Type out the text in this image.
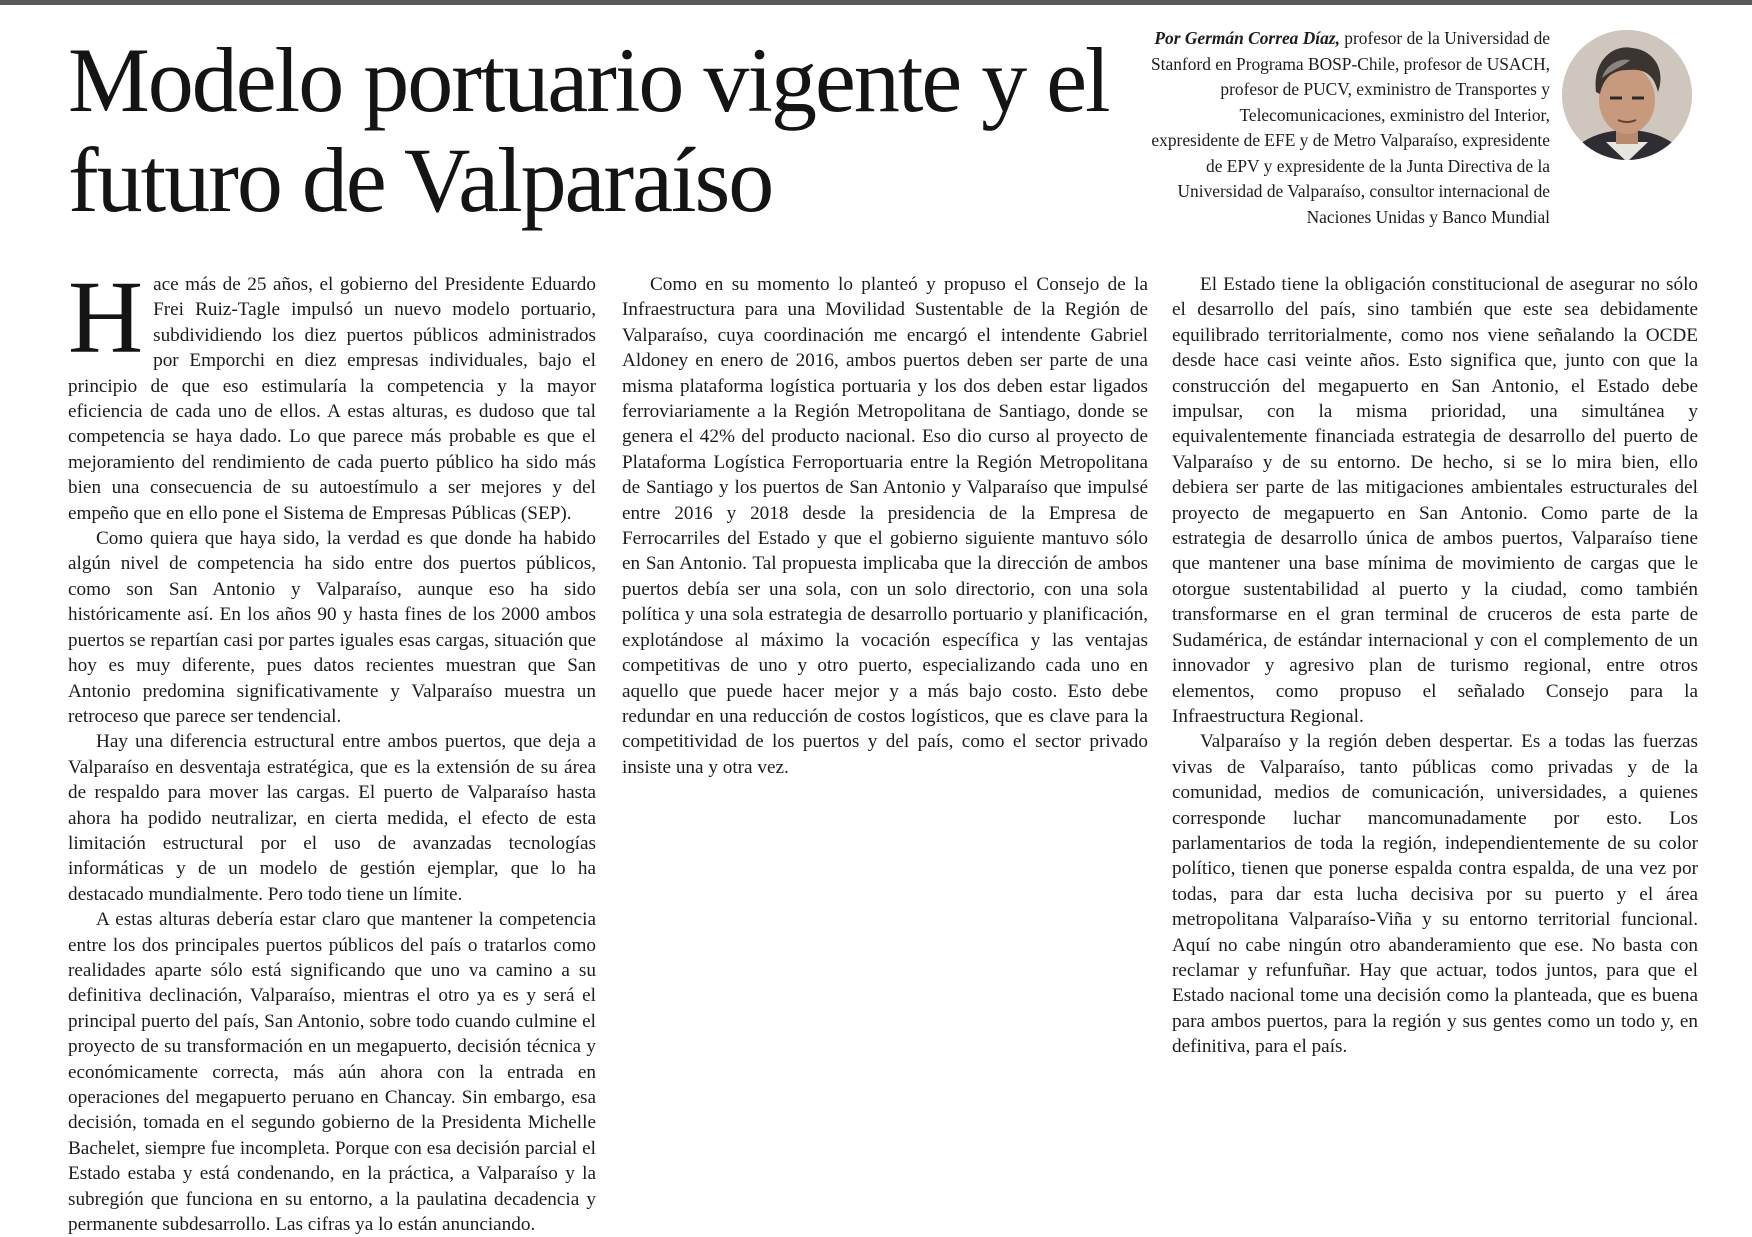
Modelo portuario vigente y el futuro de Valparaíso

Por Germán Correa Díaz, profesor de la Universidad de Stanford en Programa BOSP-Chile, profesor de USACH, profesor de PUCV, exministro de Transportes y Telecomunicaciones, exministro del Interior, expresidente de EFE y de Metro Valparaíso, expresidente de EPV y expresidente de la Junta Directiva de la Universidad de Valparaíso, consultor internacional de Naciones Unidas y Banco Mundial

Hace más de 25 años, el gobierno del Presidente Eduardo Frei Ruiz-Tagle impulsó un nuevo modelo portuario, subdividiendo los diez puertos públicos administrados por Emporchi en diez empresas individuales, bajo el principio de que eso estimularía la competencia y la mayor eficiencia de cada uno de ellos. A estas alturas, es dudoso que tal competencia se haya dado. Lo que parece más probable es que el mejoramiento del rendimiento de cada puerto público ha sido más bien una consecuencia de su autoestímulo a ser mejores y del empeño que en ello pone el Sistema de Empresas Públicas (SEP).

Como quiera que haya sido, la verdad es que donde ha habido algún nivel de competencia ha sido entre dos puertos públicos, como son San Antonio y Valparaíso, aunque eso ha sido históricamente así. En los años 90 y hasta fines de los 2000 ambos puertos se repartían casi por partes iguales esas cargas, situación que hoy es muy diferente, pues datos recientes muestran que San Antonio predomina significativamente y Valparaíso muestra un retroceso que parece ser tendencial.

Hay una diferencia estructural entre ambos puertos, que deja a Valparaíso en desventaja estratégica, que es la extensión de su área de respaldo para mover las cargas. El puerto de Valparaíso hasta ahora ha podido neutralizar, en cierta medida, el efecto de esta limitación estructural por el uso de avanzadas tecnologías informáticas y de un modelo de gestión ejemplar, que lo ha destacado mundialmente. Pero todo tiene un límite.

A estas alturas debería estar claro que mantener la competencia entre los dos principales puertos públicos del país o tratarlos como realidades aparte sólo está significando que uno va camino a su definitiva declinación, Valparaíso, mientras el otro ya es y será el principal puerto del país, San Antonio, sobre todo cuando culmine el proyecto de su transformación en un megapuerto, decisión técnica y económicamente correcta, más aún ahora con la entrada en operaciones del megapuerto peruano en Chancay. Sin embargo, esa decisión, tomada en el segundo gobierno de la Presidenta Michelle Bachelet, siempre fue incompleta. Porque con esa decisión parcial el Estado estaba y está condenando, en la práctica, a Valparaíso y la subregión que funciona en su entorno, a la paulatina decadencia y permanente subdesarrollo. Las cifras ya lo están anunciando.

Como en su momento lo planteó y propuso el Consejo de la Infraestructura para una Movilidad Sustentable de la Región de Valparaíso, cuya coordinación me encargó el intendente Gabriel Aldoney en enero de 2016, ambos puertos deben ser parte de una misma plataforma logística portuaria y los dos deben estar ligados ferroviariamente a la Región Metropolitana de Santiago, donde se genera el 42% del producto nacional. Eso dio curso al proyecto de Plataforma Logística Ferroportuaria entre la Región Metropolitana de Santiago y los puertos de San Antonio y Valparaíso que impulsé entre 2016 y 2018 desde la presidencia de la Empresa de Ferrocarriles del Estado y que el gobierno siguiente mantuvo sólo en San Antonio. Tal propuesta implicaba que la dirección de ambos puertos debía ser una sola, con un solo directorio, con una sola política y una sola estrategia de desarrollo portuario y planificación, explotándose al máximo la vocación específica y las ventajas competitivas de uno y otro puerto, especializando cada uno en aquello que puede hacer mejor y a más bajo costo. Esto debe redundar en una reducción de costos logísticos, que es clave para la competitividad de los puertos y del país, como el sector privado insiste una y otra vez.

El Estado tiene la obligación constitucional de asegurar no sólo el desarrollo del país, sino también que este sea debidamente equilibrado territorialmente, como nos viene señalando la OCDE desde hace casi veinte años. Esto significa que, junto con que la construcción del megapuerto en San Antonio, el Estado debe impulsar, con la misma prioridad, una simultánea y equivalentemente financiada estrategia de desarrollo del puerto de Valparaíso y de su entorno. De hecho, si se lo mira bien, ello debiera ser parte de las mitigaciones ambientales estructurales del proyecto de megapuerto en San Antonio. Como parte de la estrategia de desarrollo única de ambos puertos, Valparaíso tiene que mantener una base mínima de movimiento de cargas que le otorgue sustentabilidad al puerto y la ciudad, como también transformarse en el gran terminal de cruceros de esta parte de Sudamérica, de estándar internacional y con el complemento de un innovador y agresivo plan de turismo regional, entre otros elementos, como propuso el señalado Consejo para la Infraestructura Regional.

Valparaíso y la región deben despertar. Es a todas las fuerzas vivas de Valparaíso, tanto públicas como privadas y de la comunidad, medios de comunicación, universidades, a quienes corresponde luchar mancomunadamente por esto. Los parlamentarios de toda la región, independientemente de su color político, tienen que ponerse espalda contra espalda, de una vez por todas, para dar esta lucha decisiva por su puerto y el área metropolitana Valparaíso-Viña y su entorno territorial funcional. Aquí no cabe ningún otro abanderamiento que ese. No basta con reclamar y refunfuñar. Hay que actuar, todos juntos, para que el Estado nacional tome una decisión como la planteada, que es buena para ambos puertos, para la región y sus gentes como un todo y, en definitiva, para el país.
